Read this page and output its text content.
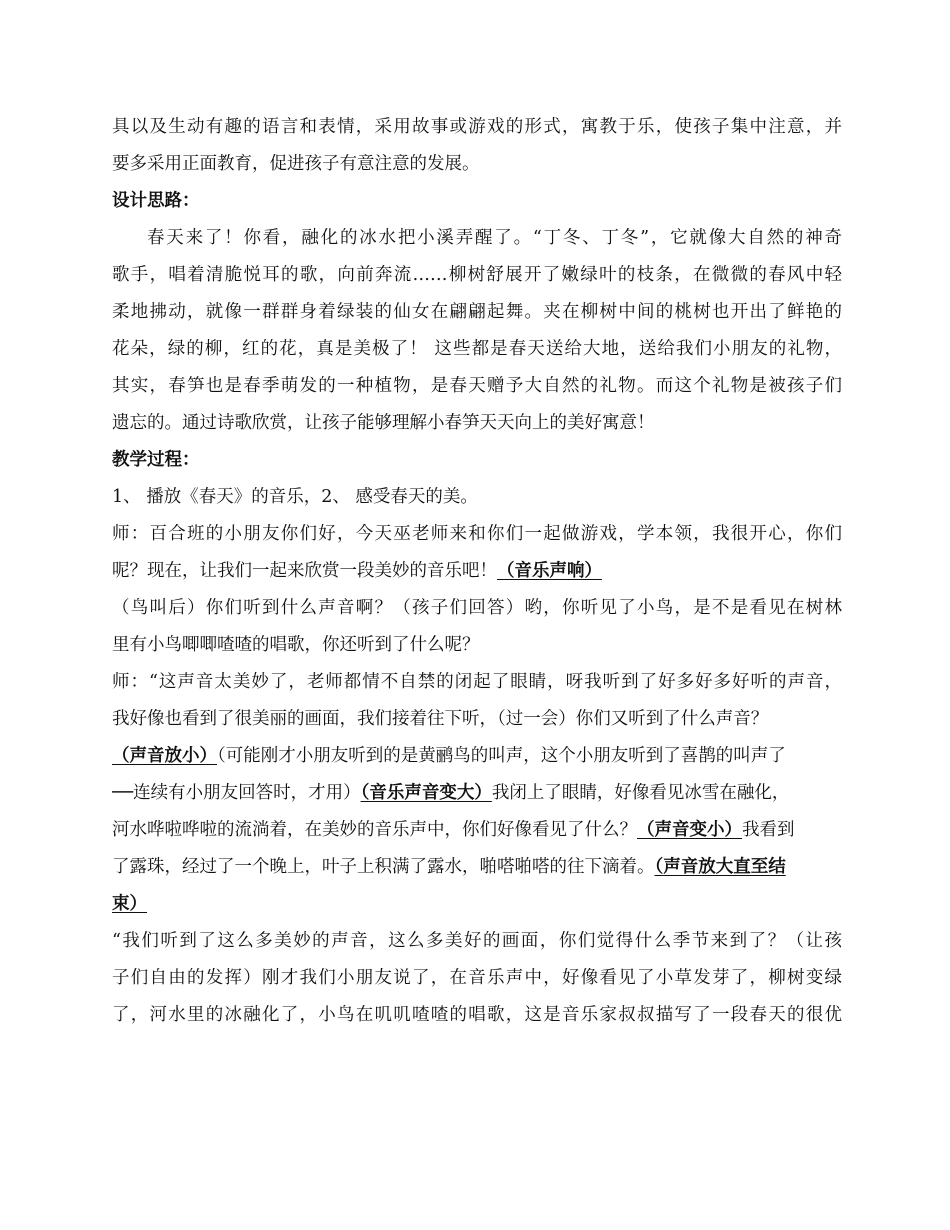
具以及生动有趣的语言和表情，采用故事或游戏的形式，寓教于乐，使孩子集中注意，并
要多采用正面教育，促进孩子有意注意的发展。
设计思路：
春天来了！你看，融化的冰水把小溪弄醒了。“丁冬、丁冬”，它就像大自然的神奇
歌手，唱着清脆悦耳的歌，向前奔流……柳树舒展开了嫩绿叶的枝条，在微微的春风中轻
柔地拂动，就像一群群身着绿装的仙女在翩翩起舞。夹在柳树中间的桃树也开出了鲜艳的
花朵，绿的柳，红的花，真是美极了！ 这些都是春天送给大地，送给我们小朋友的礼物，
其实，春笋也是春季萌发的一种植物，是春天赠予大自然的礼物。而这个礼物是被孩子们
遗忘的。通过诗歌欣赏，让孩子能够理解小春笋天天向上的美好寓意！
教学过程：
1、 播放《春天》的音乐，2、 感受春天的美。
师：百合班的小朋友你们好，今天巫老师来和你们一起做游戏，学本领，我很开心，你们
呢？现在，让我们一起来欣赏一段美妙的音乐吧！（音乐声响）
（鸟叫后）你们听到什么声音啊？（孩子们回答）哟，你听见了小鸟，是不是看见在树林
里有小鸟唧唧喳喳的唱歌，你还听到了什么呢？
师：“这声音太美妙了，老师都情不自禁的闭起了眼睛，呀我听到了好多好多好听的声音，
我好像也看到了很美丽的画面，我们接着往下听，（过一会）你们又听到了什么声音？
（声音放小）（可能刚才小朋友听到的是黄鹂鸟的叫声，这个小朋友听到了喜鹊的叫声了
──连续有小朋友回答时，才用）（音乐声音变大）我闭上了眼睛，好像看见冰雪在融化，
河水哗啦哗啦的流淌着，在美妙的音乐声中，你们好像看见了什么？（声音变小）我看到
了露珠，经过了一个晚上，叶子上积满了露水，啪嗒啪嗒的往下滴着。（声音放大直至结
束）
“我们听到了这么多美妙的声音，这么多美好的画面，你们觉得什么季节来到了？（让孩
子们自由的发挥）刚才我们小朋友说了，在音乐声中，好像看见了小草发芽了，柳树变绿
了，河水里的冰融化了，小鸟在叽叽喳喳的唱歌，这是音乐家叔叔描写了一段春天的很优
